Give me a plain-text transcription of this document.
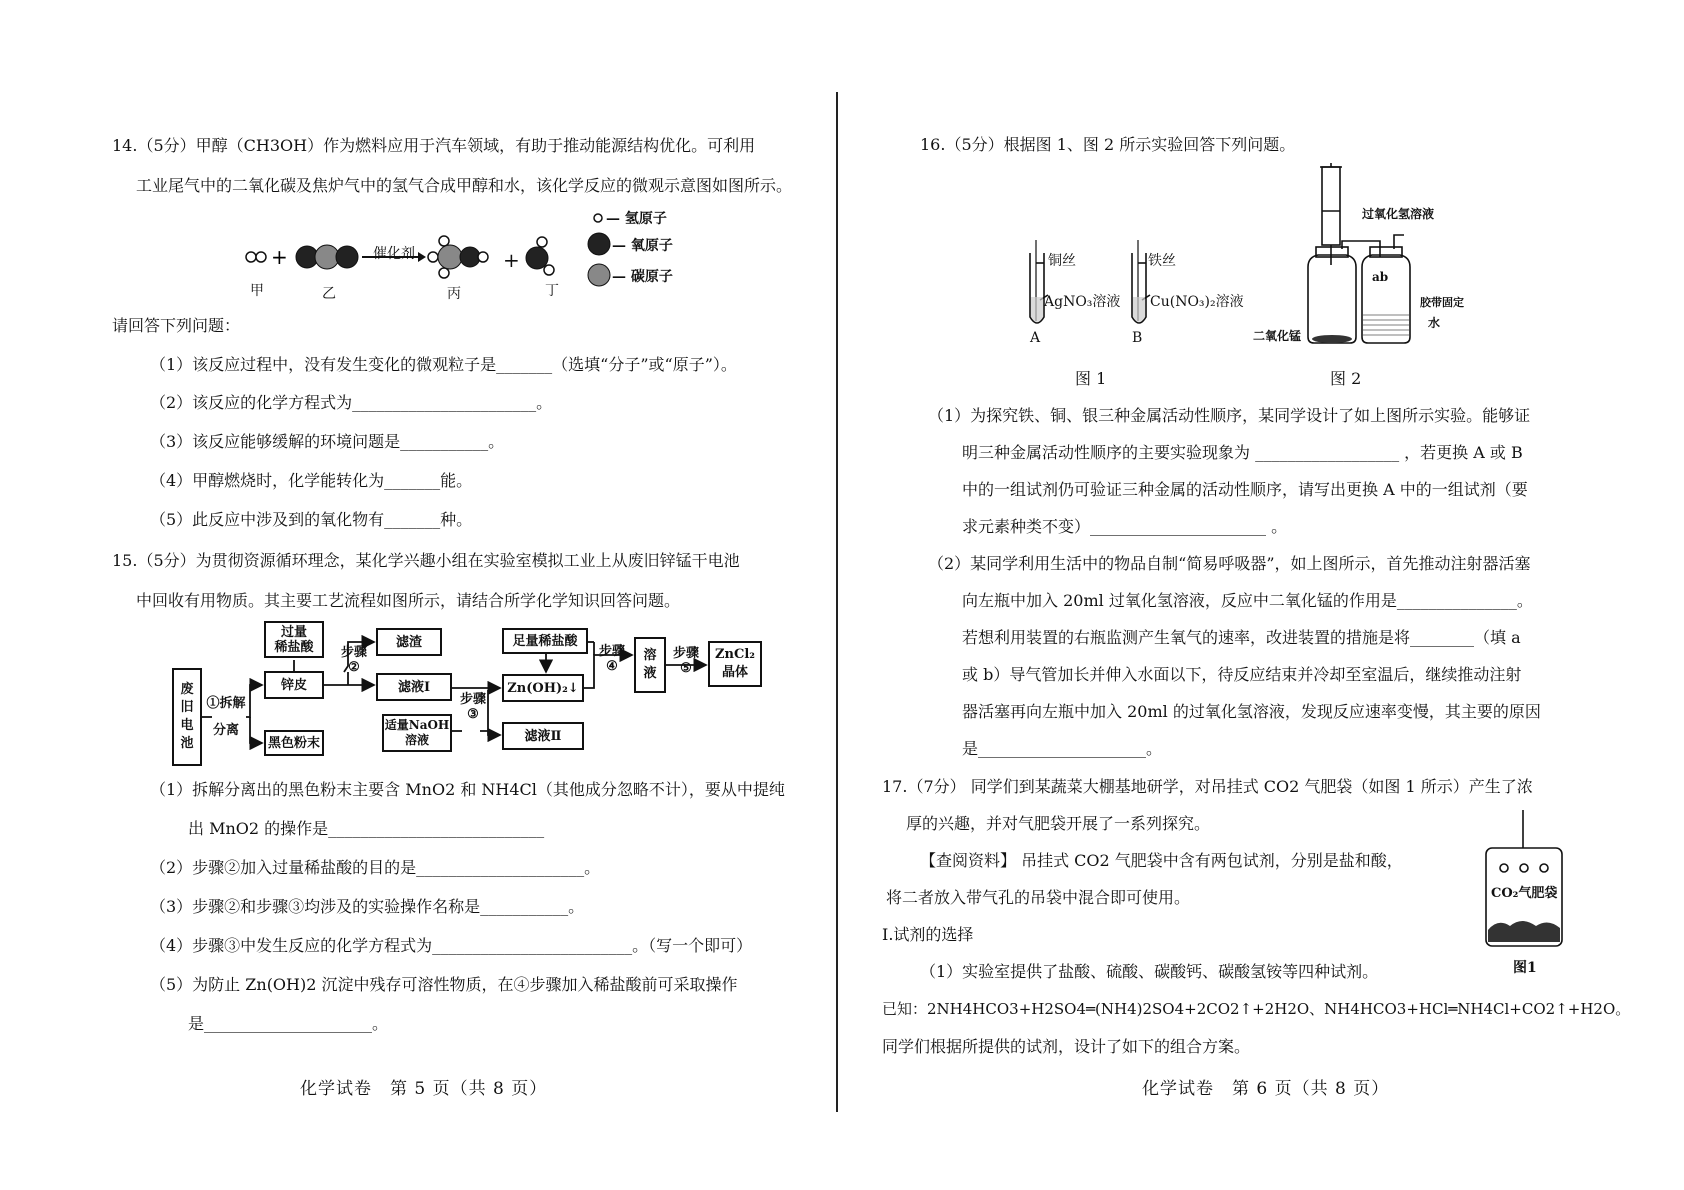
14.（5分）甲醇（CH3OH）作为燃料应用于汽车领域，有助于推动能源结构优化。可利用
工业尾气中的二氧化碳及焦炉气中的氢气合成甲醇和水，该化学反应的微观示意图如图所示。
+	催化剂	+
甲	乙	丙	丁
— 氢原子
— 氧原子
— 碳原子
请回答下列问题：
（1）该反应过程中，没有发生变化的微观粒子是_______（选填“分子”或“原子”）。
（2）该反应的化学方程式为_______________________。
（3）该反应能够缓解的环境问题是___________。
（4）甲醇燃烧时，化学能转化为_______能。
（5）此反应中涉及到的氧化物有_______种。
15.（5分）为贯彻资源循环理念，某化学兴趣小组在实验室模拟工业上从废旧锌锰干电池
中回收有用物质。其主要工艺流程如图所示，请结合所学化学知识回答问题。
废
旧
电
池
①拆解
分离
过量
稀盐酸
锌皮
黑色粉末
步骤
②
滤渣
滤液Ⅰ
适量NaOH
溶液
步骤
③
足量稀盐酸
Zn(OH)₂↓
滤液Ⅱ
步骤
④
溶
液
步骤
⑤
ZnCl₂
晶体
（1）拆解分离出的黑色粉末主要含 MnO2 和 NH4Cl（其他成分忽略不计），要从中提纯
出 MnO2 的操作是___________________________
（2）步骤②加入过量稀盐酸的目的是_____________________。
（3）步骤②和步骤③均涉及的实验操作名称是___________。
（4）步骤③中发生反应的化学方程式为_________________________。（写一个即可）
（5）为防止 Zn(OH)2 沉淀中残存可溶性物质，在④步骤加入稀盐酸前可采取操作
是_____________________。
化学试卷　第 5 页（共 8 页）
16.（5分）根据图 1、图 2 所示实验回答下列问题。
铜丝
AgNO₃溶液
铁丝
Cu(NO₃)₂溶液
A	B
图 1
过氧化氢溶液
ab
胶带固定
水
二氧化锰
图 2
（1）为探究铁、铜、银三种金属活动性顺序，某同学设计了如上图所示实验。能够证
明三种金属活动性顺序的主要实验现象为 __________________ ，若更换 A 或 B
中的一组试剂仍可验证三种金属的活动性顺序，请写出更换 A 中的一组试剂（要
求元素种类不变）______________________ 。
（2）某同学利用生活中的物品自制“简易呼吸器”，如上图所示，首先推动注射器活塞
向左瓶中加入 20ml 过氧化氢溶液，反应中二氧化锰的作用是_______________。
若想利用装置的右瓶监测产生氧气的速率，改进装置的措施是将________（填 a
或 b）导气管加长并伸入水面以下，待反应结束并冷却至室温后，继续推动注射
器活塞再向左瓶中加入 20ml 的过氧化氢溶液，发现反应速率变慢，其主要的原因
是_____________________。
17.（7分） 同学们到某蔬菜大棚基地研学，对吊挂式 CO2 气肥袋（如图 1 所示）产生了浓
厚的兴趣，并对气肥袋开展了一系列探究。
【查阅资料】 吊挂式 CO2 气肥袋中含有两包试剂，分别是盐和酸，
将二者放入带气孔的吊袋中混合即可使用。
Ⅰ.试剂的选择
（1）实验室提供了盐酸、硫酸、碳酸钙、碳酸氢铵等四种试剂。
已知：2NH4HCO3+H2SO4═(NH4)2SO4+2CO2↑+2H2O、NH4HCO3+HCl═NH4Cl+CO2↑+H2O。
同学们根据所提供的试剂，设计了如下的组合方案。
CO₂气肥袋
图1
化学试卷　第 6 页（共 8 页）
